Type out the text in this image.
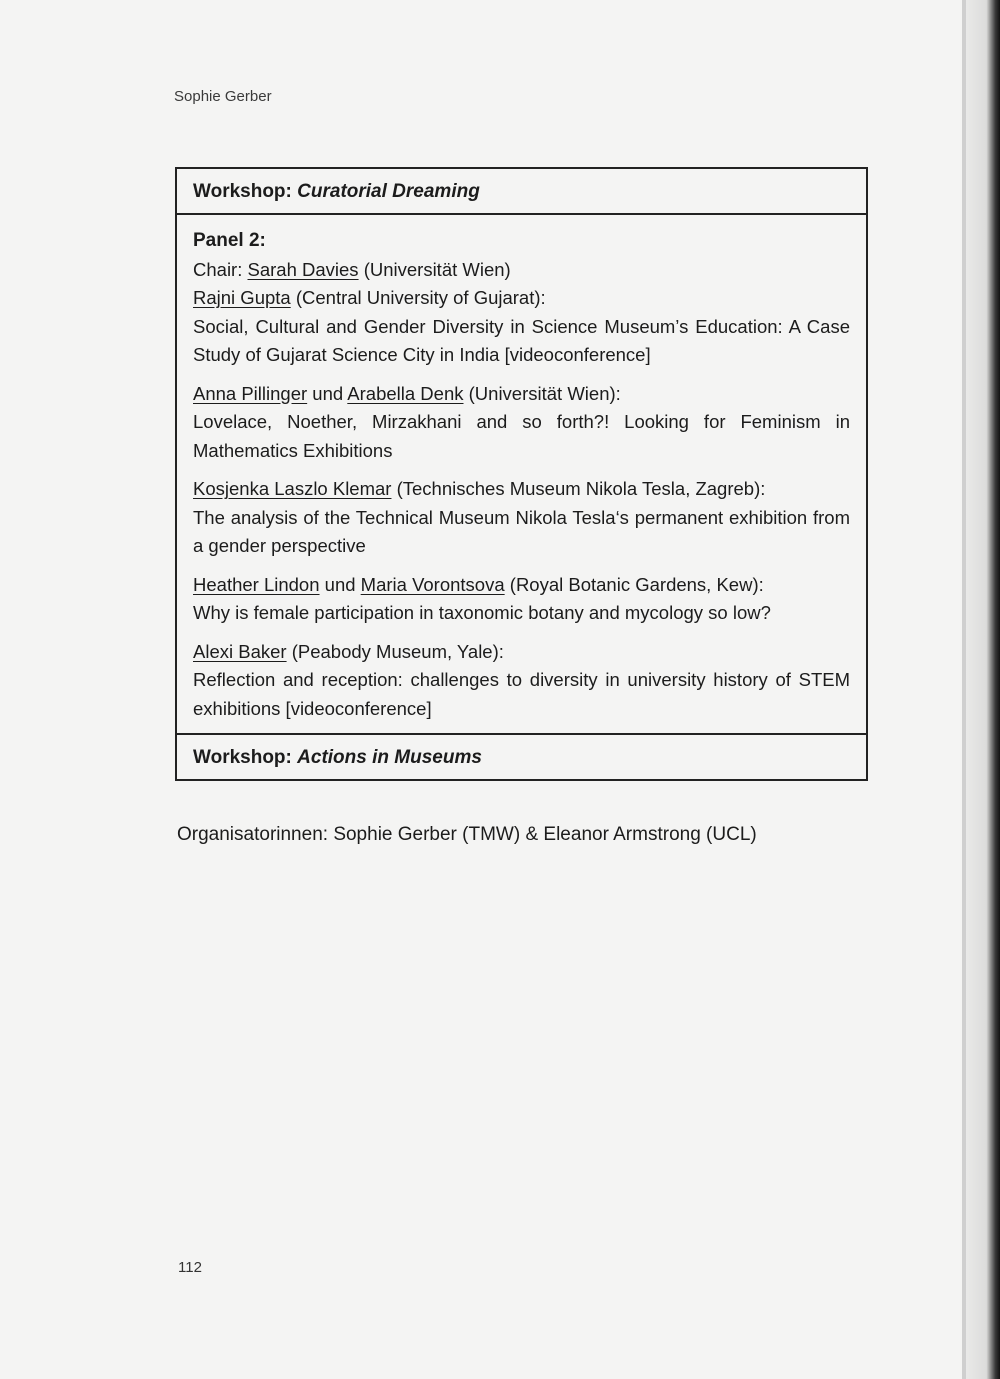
Sophie Gerber
Workshop: Curatorial Dreaming
Panel 2:
Chair: Sarah Davies (Universität Wien)
Rajni Gupta (Central University of Gujarat):
Social, Cultural and Gender Diversity in Science Museum’s Education: A Case Study of Gujarat Science City in India [videoconference]
Anna Pillinger und Arabella Denk (Universität Wien):
Lovelace, Noether, Mirzakhani and so forth?! Looking for Feminism in Mathematics Exhibitions
Kosjenka Laszlo Klemar (Technisches Museum Nikola Tesla, Zagreb):
The analysis of the Technical Museum Nikola Tesla‘s permanent exhibition from a gender perspective
Heather Lindon und Maria Vorontsova (Royal Botanic Gardens, Kew):
Why is female participation in taxonomic botany and mycology so low?
Alexi Baker (Peabody Museum, Yale):
Reflection and reception: challenges to diversity in university history of STEM exhibitions [videoconference]
Workshop: Actions in Museums
Organisatorinnen: Sophie Gerber (TMW) & Eleanor Armstrong (UCL)
112
